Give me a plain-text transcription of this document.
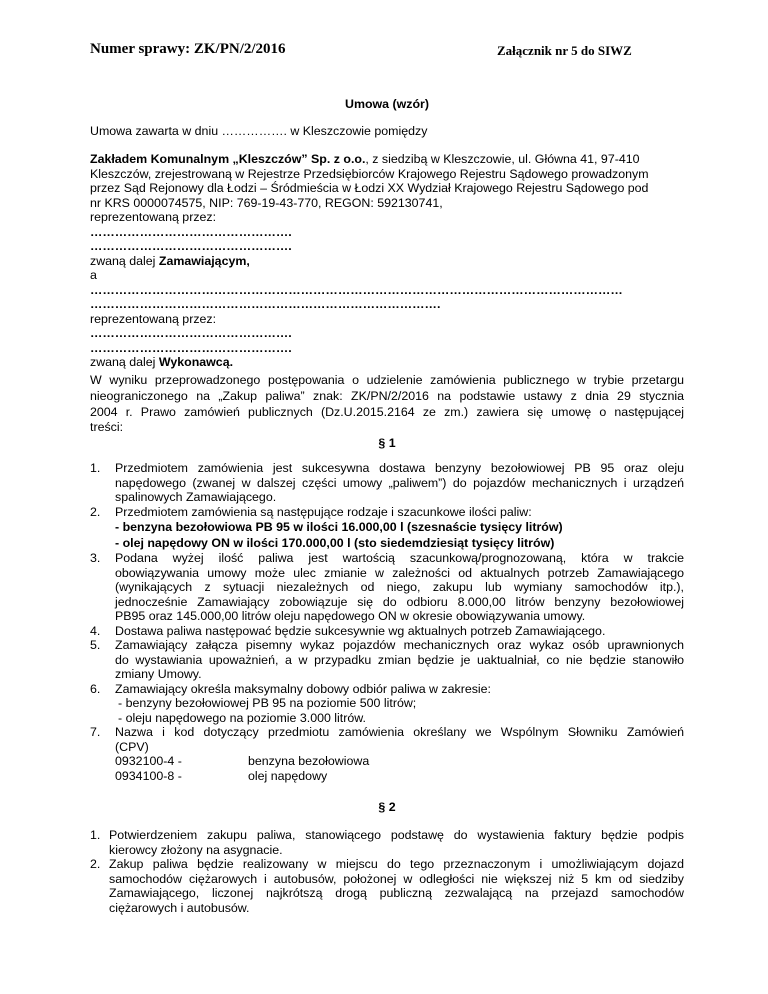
Numer sprawy: ZK/PN/2/2016	Załącznik nr 5 do SIWZ
Umowa (wzór)
Umowa zawarta w dniu ……………. w Kleszczowie pomiędzy
Zakładem Komunalnym „Kleszczów” Sp. z o.o., z siedzibą w Kleszczowie, ul. Główna 41, 97-410
Kleszczów, zrejestrowaną w Rejestrze Przedsiębiorców Krajowego Rejestru Sądowego prowadzonym
przez Sąd Rejonowy dla Łodzi – Śródmieścia w Łodzi XX Wydział Krajowego Rejestru Sądowego pod
nr KRS 0000074575, NIP: 769-19-43-770, REGON: 592130741,
reprezentowaną przez:
………………………………………….
………………………………………….
zwaną dalej Zamawiającym,
a
…………………………………………………………………………………………………………………
………………………………………………………………………….
reprezentowaną przez:
………………………………………….
………………………………………….
zwaną dalej Wykonawcą.
W wyniku przeprowadzonego postępowania o udzielenie zamówienia publicznego w trybie przetargu
nieograniczonego na „Zakup paliwa” znak: ZK/PN/2/2016 na podstawie ustawy z dnia 29 stycznia
2004 r. Prawo zamówień publicznych (Dz.U.2015.2164 ze zm.) zawiera się umowę o następującej
treści:
§ 1
1. Przedmiotem zamówienia jest sukcesywna dostawa benzyny bezołowiowej PB 95 oraz oleju
napędowego (zwanej w dalszej części umowy „paliwem”) do pojazdów mechanicznych i urządzeń
spalinowych Zamawiającego.
2. Przedmiotem zamówienia są następujące rodzaje i szacunkowe ilości paliw:
- benzyna bezołowiowa PB 95 w ilości 16.000,00 l (szesnaście tysięcy litrów)
- olej napędowy ON w ilości 170.000,00 l (sto siedemdziesiąt tysięcy litrów)
3. Podana wyżej ilość paliwa jest wartością szacunkową/prognozowaną, która w trakcie
obowiązywania umowy może ulec zmianie w zależności od aktualnych potrzeb Zamawiającego
(wynikających z sytuacji niezależnych od niego, zakupu lub wymiany samochodów itp.),
jednocześnie Zamawiający zobowiązuje się do odbioru 8.000,00 litrów benzyny bezołowiowej
PB95 oraz 145.000,00 litrów oleju napędowego ON w okresie obowiązywania umowy.
4. Dostawa paliwa następować będzie sukcesywnie wg aktualnych potrzeb Zamawiającego.
5. Zamawiający załącza pisemny wykaz pojazdów mechanicznych oraz wykaz osób uprawnionych
do wystawiania upoważnień, a w przypadku zmian będzie je uaktualniał, co nie będzie stanowiło
zmiany Umowy.
6. Zamawiający określa maksymalny dobowy odbiór paliwa w zakresie:
- benzyny bezołowiowej PB 95 na poziomie 500 litrów;
- oleju napędowego na poziomie 3.000 litrów.
7. Nazwa i kod dotyczący przedmiotu zamówienia określany we Wspólnym Słowniku Zamówień
(CPV)
0932100-4 -	benzyna bezołowiowa
0934100-8 -	olej napędowy
§ 2
1. Potwierdzeniem zakupu paliwa, stanowiącego podstawę do wystawienia faktury będzie podpis
kierowcy złożony na asygnacie.
2. Zakup paliwa będzie realizowany w miejscu do tego przeznaczonym i umożliwiającym dojazd
samochodów ciężarowych i autobusów, położonej w odległości nie większej niż 5 km od siedziby
Zamawiającego, liczonej najkrótszą drogą publiczną zezwalającą na przejazd samochodów
ciężarowych i autobusów.
